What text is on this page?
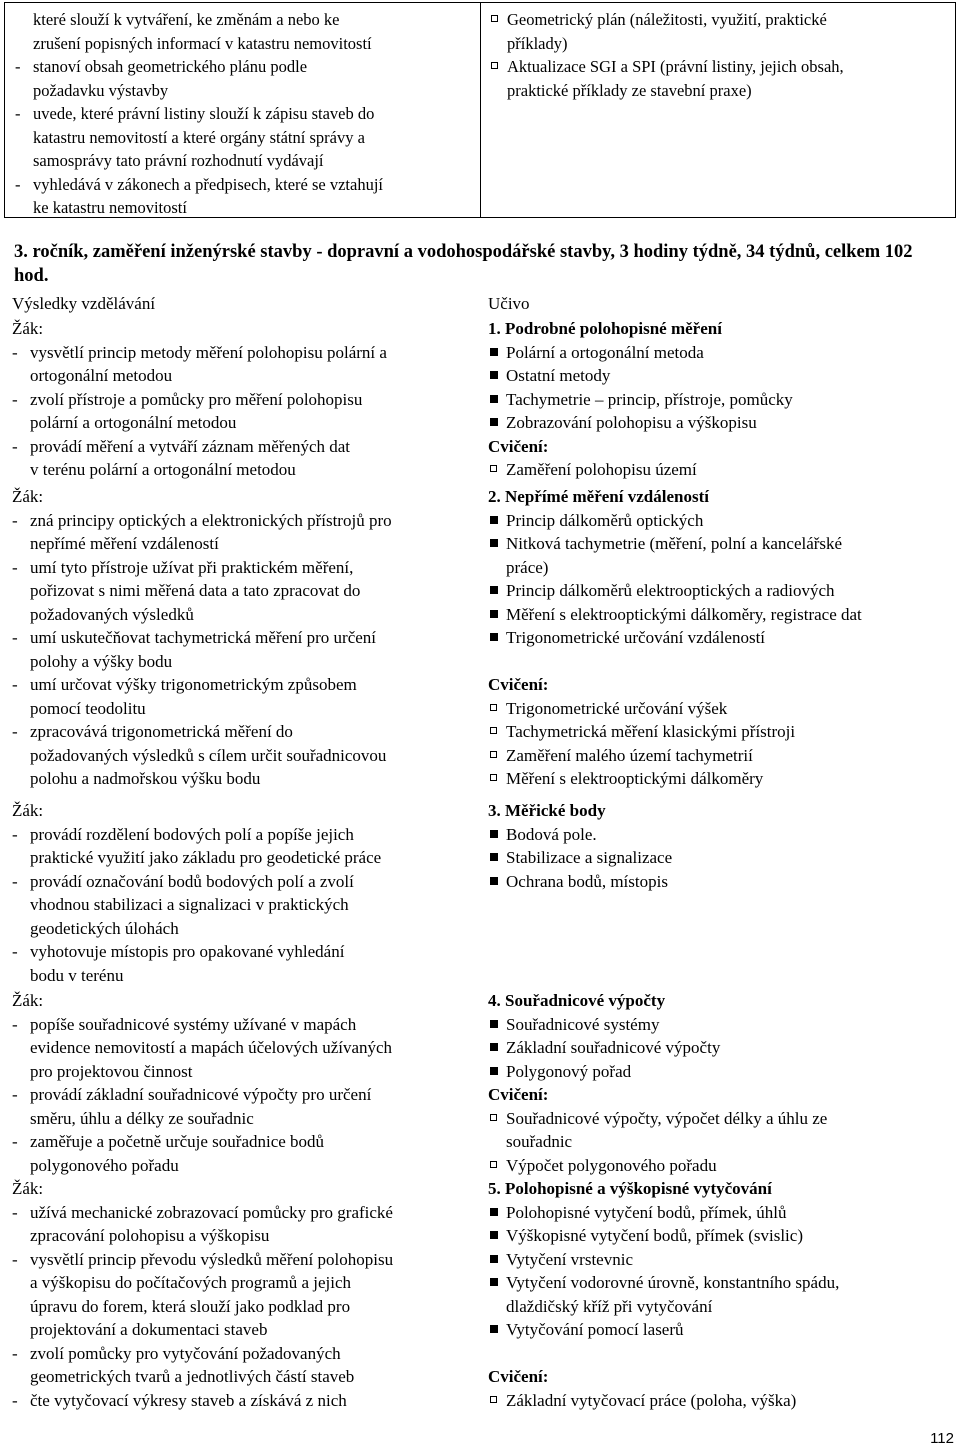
které slouží k vytváření, ke změnám a nebo ke
zrušení popisných informací v katastru nemovitostí
- stanoví obsah geometrického plánu podle
požadavku výstavby
- uvede, které právní listiny slouží k zápisu staveb do
katastru nemovitostí a které orgány státní správy a
samosprávy tato právní rozhodnutí vydávají
- vyhledává v zákonech a předpisech, které se vztahují
ke katastru nemovitostí
Geometrický plán (náležitosti, využití, praktické
příklady)
Aktualizace SGI a SPI (právní listiny, jejich obsah,
praktické příklady ze stavební praxe)
3. ročník, zaměření inženýrské stavby - dopravní a vodohospodářské stavby, 3 hodiny týdně, 34 týdnů, celkem 102 hod.
Výsledky vzdělávání	Učivo
Žák:
- vysvětlí princip metody měření polohopisu polární a
ortogonální metodou
- zvolí přístroje a pomůcky pro měření polohopisu
polární a ortogonální metodou
- provádí měření a vytváří záznam měřených dat
v terénu polární a ortogonální metodou
Žák:
- zná principy optických a elektronických přístrojů pro
nepřímé měření vzdáleností
- umí tyto přístroje užívat při praktickém měření,
pořizovat s nimi měřená data a tato zpracovat do
požadovaných výsledků
- umí uskutečňovat tachymetrická měření pro určení
polohy a výšky bodu
- umí určovat výšky trigonometrickým způsobem
pomocí teodolitu
- zpracovává trigonometrická měření do
požadovaných výsledků s cílem určit souřadnicovou
polohu a nadmořskou výšku bodu
Žák:
- provádí rozdělení bodových polí a popíše jejich
praktické využití jako základu pro geodetické práce
- provádí označování bodů bodových polí a zvolí
vhodnou stabilizaci a signalizaci v praktických
geodetických úlohách
- vyhotovuje místopis pro opakované vyhledání
bodu v terénu
Žák:
- popíše souřadnicové systémy užívané v mapách
evidence nemovitostí a mapách účelových užívaných
pro projektovou činnost
- provádí základní souřadnicové výpočty pro určení
směru, úhlu a délky ze souřadnic
- zaměřuje a početně určuje souřadnice bodů
polygonového pořadu
Žák:
- užívá mechanické zobrazovací pomůcky pro grafické
zpracování polohopisu a výškopisu
- vysvětlí princip převodu výsledků měření polohopisu
a výškopisu do počítačových programů a jejich
úpravu do forem, která slouží jako podklad pro
projektování a dokumentaci staveb
- zvolí pomůcky pro vytyčování požadovaných
geometrických tvarů a jednotlivých částí staveb
- čte vytyčovací výkresy staveb a získává z nich
1. Podrobné polohopisné měření
Polární a ortogonální metoda
Ostatní metody
Tachymetrie – princip, přístroje, pomůcky
Zobrazování polohopisu a výškopisu
Cvičení:
Zaměření polohopisu území
2. Nepřímé měření vzdáleností
Princip dálkoměrů optických
Nitková tachymetrie (měření, polní a kancelářské
práce)
Princip dálkoměrů elektrooptických a radiových
Měření s elektrooptickými dálkoměry, registrace dat
Trigonometrické určování vzdáleností

Cvičení:
Trigonometrické určování výšek
Tachymetrická měření klasickými přístroji
Zaměření malého území tachymetrií
Měření s elektrooptickými dálkoměry
3. Měřické body
Bodová pole.
Stabilizace a signalizace
Ochrana bodů, místopis
4. Souřadnicové výpočty
Souřadnicové systémy
Základní souřadnicové výpočty
Polygonový pořad
Cvičení:
Souřadnicové výpočty, výpočet délky a úhlu ze
souřadnic
Výpočet polygonového pořadu
5. Polohopisné a výškopisné vytyčování
Polohopisné vytyčení bodů, přímek, úhlů
Výškopisné vytyčení bodů, přímek (svislic)
Vytyčení vrstevnic
Vytyčení vodorovné úrovně, konstantního spádu,
dlaždičský kříž při vytyčování
Vytyčování pomocí laserů

Cvičení:
Základní vytyčovací práce (poloha, výška)
112
